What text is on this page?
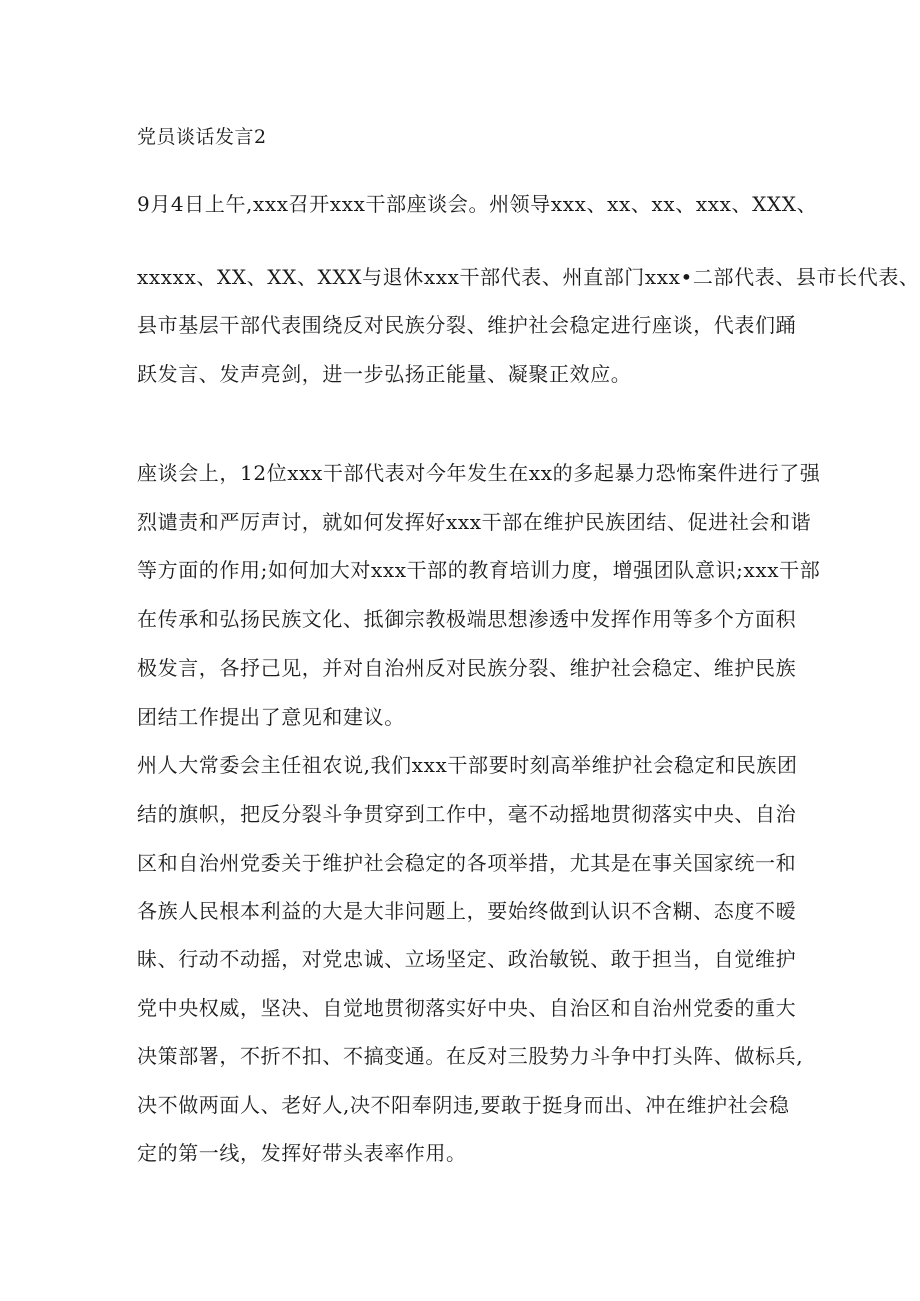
党员谈话发言2
9月4日上午,xxx召开xxx干部座谈会。州领导xxx、xx、xx、xxx、XXX、
xxxxx、XX、XX、XXX与退休xxx干部代表、州直部门xxx•二部代表、县市长代表、
县市基层干部代表围绕反对民族分裂、维护社会稳定进行座谈，代表们踊
跃发言、发声亮剑，进一步弘扬正能量、凝聚正效应。
座谈会上，12位xxx干部代表对今年发生在xx的多起暴力恐怖案件进行了强
烈谴责和严厉声讨，就如何发挥好xxx干部在维护民族团结、促进社会和谐
等方面的作用;如何加大对xxx干部的教育培训力度，增强团队意识;xxx干部
在传承和弘扬民族文化、抵御宗教极端思想渗透中发挥作用等多个方面积
极发言，各抒己见，并对自治州反对民族分裂、维护社会稳定、维护民族
团结工作提出了意见和建议。
州人大常委会主任祖农说,我们xxx干部要时刻高举维护社会稳定和民族团
结的旗帜，把反分裂斗争贯穿到工作中，毫不动摇地贯彻落实中央、自治
区和自治州党委关于维护社会稳定的各项举措，尤其是在事关国家统一和
各族人民根本利益的大是大非问题上，要始终做到认识不含糊、态度不暧
昧、行动不动摇，对党忠诚、立场坚定、政治敏锐、敢于担当，自觉维护
党中央权威，坚决、自觉地贯彻落实好中央、自治区和自治州党委的重大
决策部署，不折不扣、不搞变通。在反对三股势力斗争中打头阵、做标兵,
决不做两面人、老好人,决不阳奉阴违,要敢于挺身而出、冲在维护社会稳
定的第一线，发挥好带头表率作用。
